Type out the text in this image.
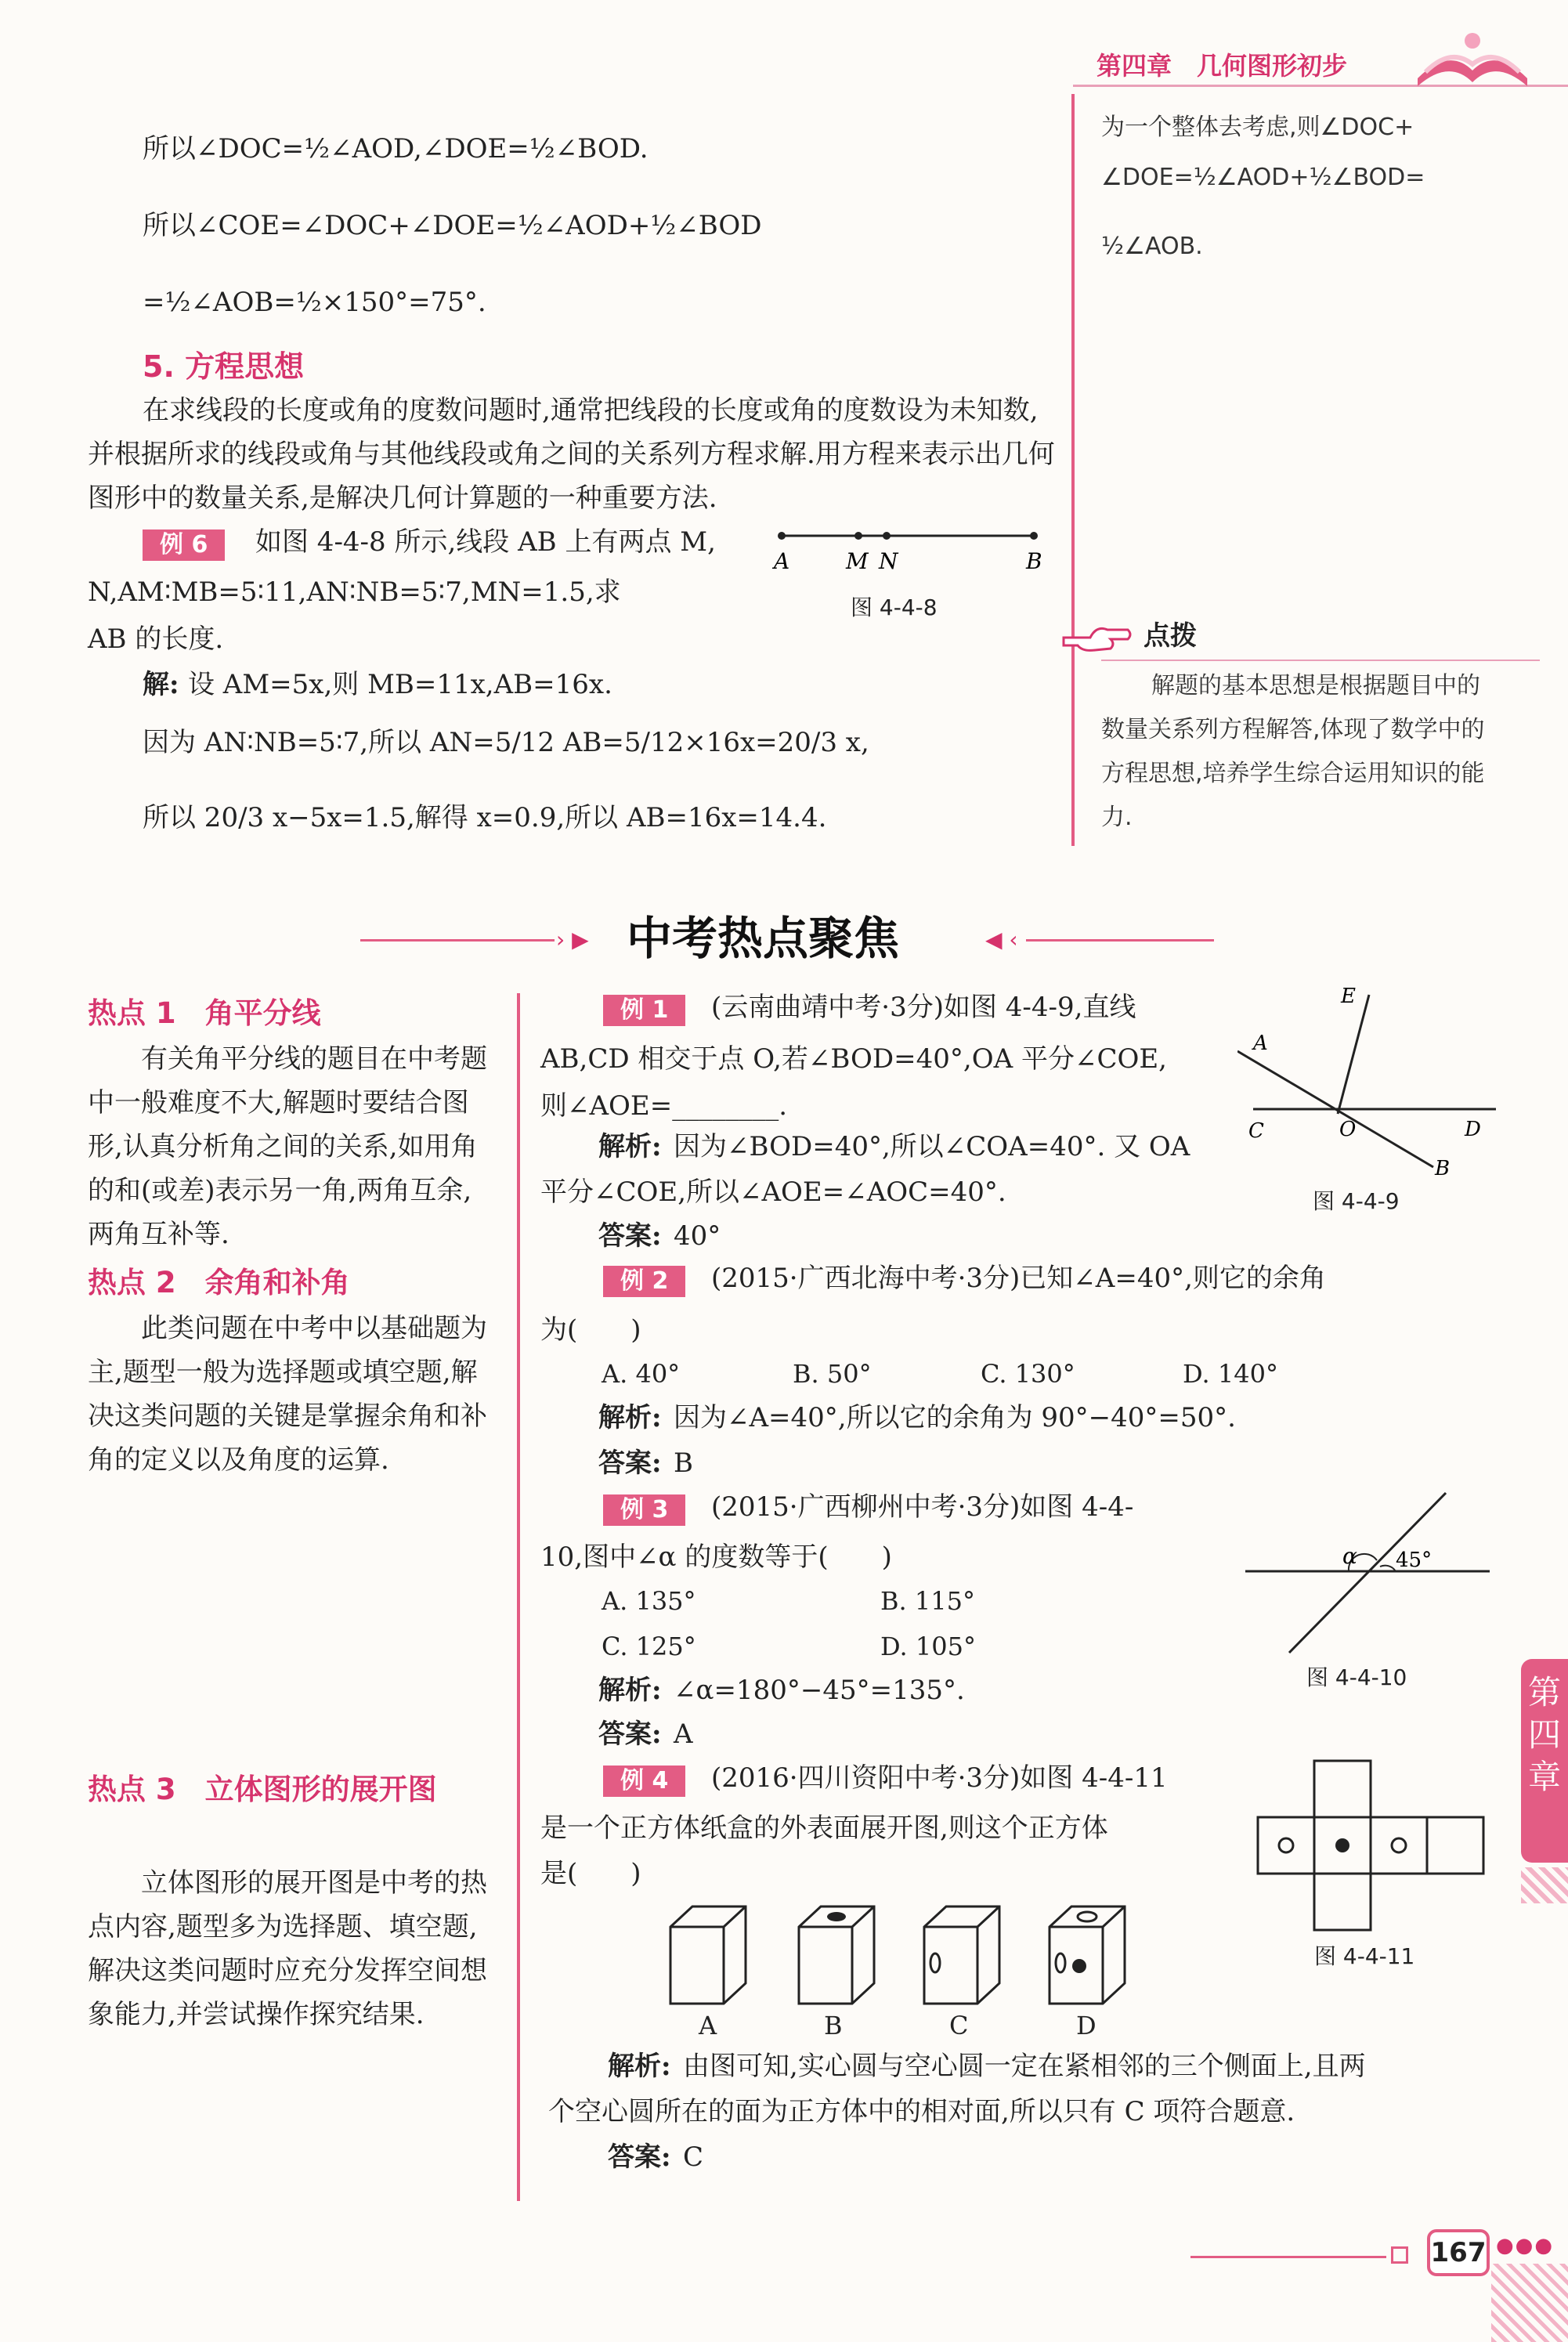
第四章　几何图形初步
所以∠DOC=½∠AOD,∠DOE=½∠BOD.
所以∠COE=∠DOC+∠DOE=½∠AOD+½∠BOD
=½∠AOB=½×150°=75°.
5. 方程思想
在求线段的长度或角的度数问题时,通常把线段的长度或角的度数设为未知数,并根据所求的线段或角与其他线段或角之间的关系列方程求解.用方程来表示出几何图形中的数量关系,是解决几何计算题的一种重要方法.
例 6	如图 4-4-8 所示,线段 AB 上有两点 M,
N,AM∶MB=5∶11,AN∶NB=5∶7,MN=1.5,求
AB 的长度.
A	M N	B
图 4-4-8
解: 设 AM=5x,则 MB=11x,AB=16x.
因为 AN∶NB=5∶7,所以 AN=5/12 AB=5/12×16x=20/3 x,
所以 20/3 x−5x=1.5,解得 x=0.9,所以 AB=16x=14.4.
为一个整体去考虑,则∠DOC+
∠DOE=½∠AOD+½∠BOD=
½∠AOB.
点拨
解题的基本思想是根据题目中的数量关系列方程解答,体现了数学中的方程思想,培养学生综合运用知识的能力.
› ▶ 中考热点聚焦	◀ ‹
热点 1　角平分线
有关角平分线的题目在中考题中一般难度不大,解题时要结合图形,认真分析角之间的关系,如用角的和(或差)表示另一角,两角互余,两角互补等.
热点 2　余角和补角
此类问题在中考中以基础题为主,题型一般为选择题或填空题,解决这类问题的关键是掌握余角和补角的定义以及角度的运算.
热点 3　立体图形的展开图
立体图形的展开图是中考的热点内容,题型多为选择题、填空题,解决这类问题时应充分发挥空间想象能力,并尝试操作探究结果.
例 1	(云南曲靖中考·3分)如图 4-4-9,直线
AB,CD 相交于点 O,若∠BOD=40°,OA 平分∠COE,
则∠AOE=________.
解析: 因为∠BOD=40°,所以∠COA=40°. 又 OA
平分∠COE,所以∠AOE=∠AOC=40°.
答案: 40°
E
A
C	O	D
B
图 4-4-9
例 2	(2015·广西北海中考·3分)已知∠A=40°,则它的余角
为(　　)
A. 40°	B. 50°	C. 130°	D. 140°
解析: 因为∠A=40°,所以它的余角为 90°−40°=50°.
答案: B
例 3	(2015·广西柳州中考·3分)如图 4-4-
10,图中∠α 的度数等于(　　)
A. 135°	B. 115°
C. 125°	D. 105°
解析: ∠α=180°−45°=135°.
答案: A
α 45°
图 4-4-10	第四章
例 4	(2016·四川资阳中考·3分)如图 4-4-11
是一个正方体纸盒的外表面展开图,则这个正方体
是(　　)
图 4-4-11
A	B	C	D
解析: 由图可知,实心圆与空心圆一定在紧相邻的三个侧面上,且两
个空心圆所在的面为正方体中的相对面,所以只有 C 项符合题意.
答案: C
167 ●●●
